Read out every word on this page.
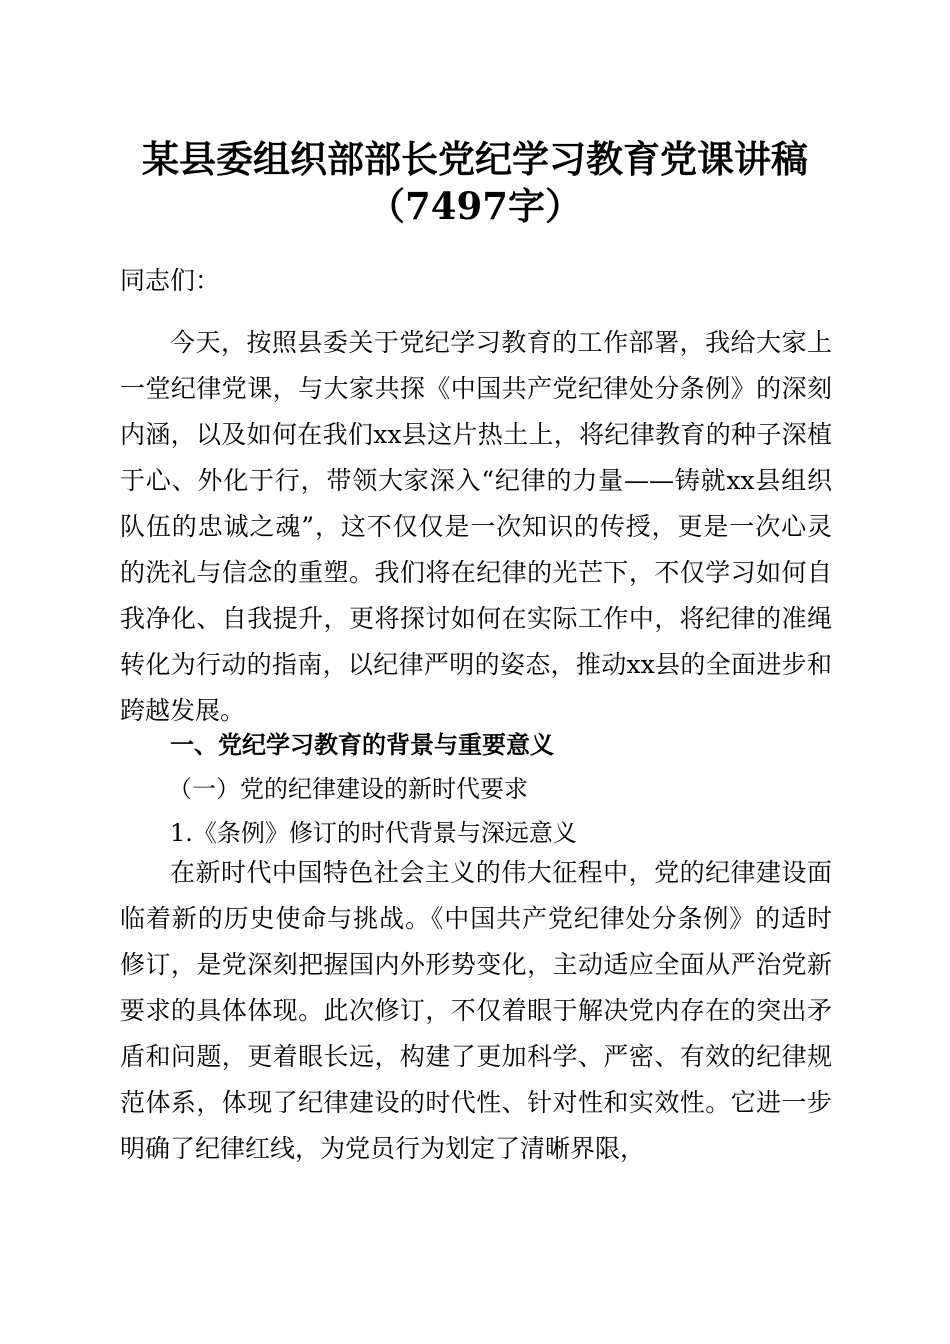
某县委组织部部长党纪学习教育党课讲稿
（7497字）
同志们：
今天，按照县委关于党纪学习教育的工作部署，我给大家上一堂纪律党课，与大家共探《中国共产党纪律处分条例》的深刻内涵，以及如何在我们xx县这片热土上，将纪律教育的种子深植于心、外化于行，带领大家深入“纪律的力量——铸就xx县组织队伍的忠诚之魂”，这不仅仅是一次知识的传授，更是一次心灵的洗礼与信念的重塑。我们将在纪律的光芒下，不仅学习如何自我净化、自我提升，更将探讨如何在实际工作中，将纪律的准绳转化为行动的指南，以纪律严明的姿态，推动xx县的全面进步和跨越发展。
一、党纪学习教育的背景与重要意义
（一）党的纪律建设的新时代要求
1.《条例》修订的时代背景与深远意义
在新时代中国特色社会主义的伟大征程中，党的纪律建设面临着新的历史使命与挑战。《中国共产党纪律处分条例》的适时修订，是党深刻把握国内外形势变化，主动适应全面从严治党新要求的具体体现。此次修订，不仅着眼于解决党内存在的突出矛盾和问题，更着眼长远，构建了更加科学、严密、有效的纪律规范体系，体现了纪律建设的时代性、针对性和实效性。它进一步明确了纪律红线，为党员行为划定了清晰界限，
